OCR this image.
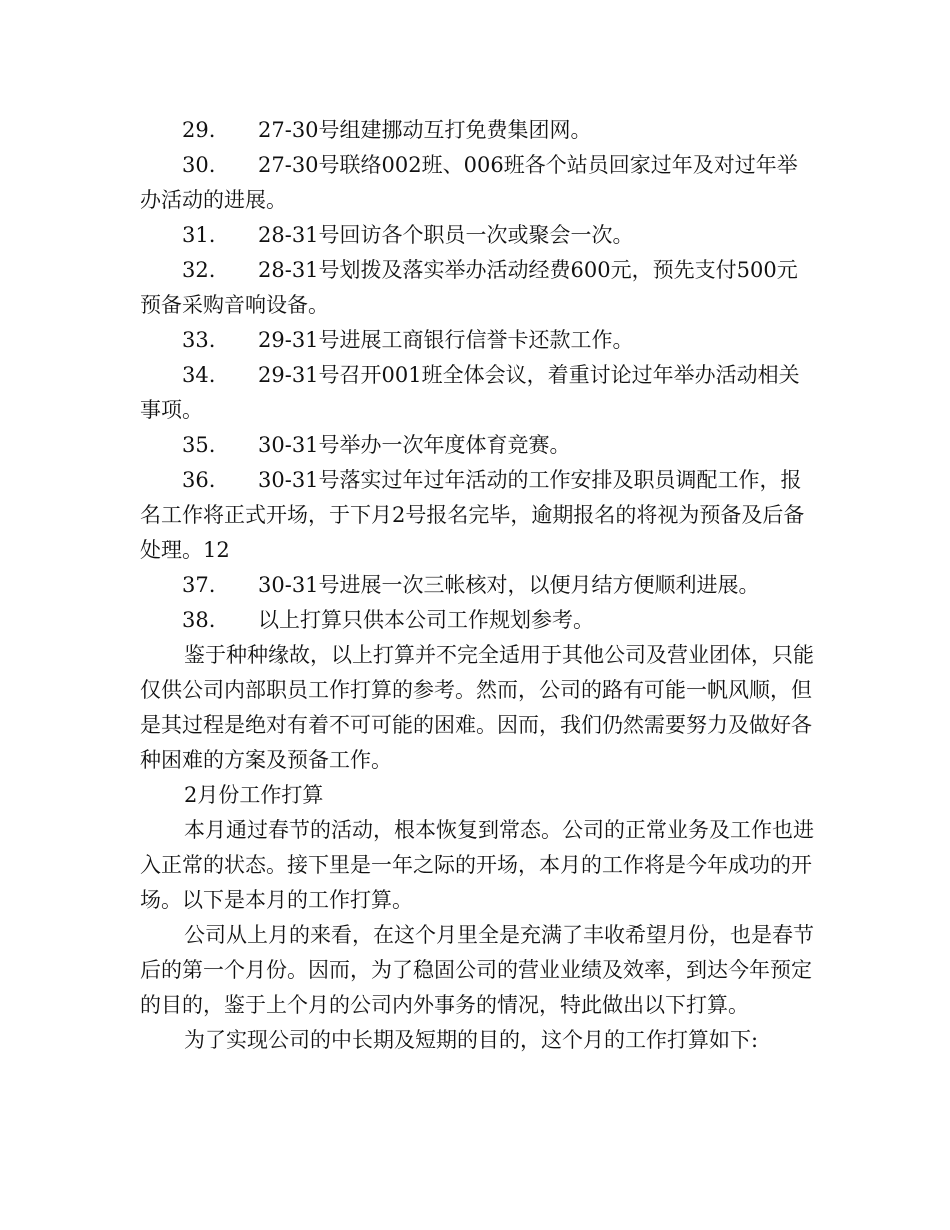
29. 27-30号组建挪动互打免费集团网。

30. 27-30号联络002班、006班各个站员回家过年及对过年举办活动的进展。

31. 28-31号回访各个职员一次或聚会一次。

32. 28-31号划拨及落实举办活动经费600元，预先支付500元预备采购音响设备。

33. 29-31号进展工商银行信誉卡还款工作。

34. 29-31号召开001班全体会议，着重讨论过年举办活动相关事项。

35. 30-31号举办一次年度体育竞赛。

36. 30-31号落实过年过年活动的工作安排及职员调配工作，报名工作将正式开场，于下月2号报名完毕，逾期报名的将视为预备及后备处理。12

37. 30-31号进展一次三帐核对，以便月结方便顺利进展。

38. 以上打算只供本公司工作规划参考。

鉴于种种缘故，以上打算并不完全适用于其他公司及营业团体，只能仅供公司内部职员工作打算的参考。然而，公司的路有可能一帆风顺，但是其过程是绝对有着不可可能的困难。因而，我们仍然需要努力及做好各种困难的方案及预备工作。

2月份工作打算

本月通过春节的活动，根本恢复到常态。公司的正常业务及工作也进入正常的状态。接下里是一年之际的开场，本月的工作将是今年成功的开场。以下是本月的工作打算。

公司从上月的来看，在这个月里全是充满了丰收希望月份，也是春节后的第一个月份。因而，为了稳固公司的营业业绩及效率，到达今年预定的目的，鉴于上个月的公司内外事务的情况，特此做出以下打算。

为了实现公司的中长期及短期的目的，这个月的工作打算如下:
